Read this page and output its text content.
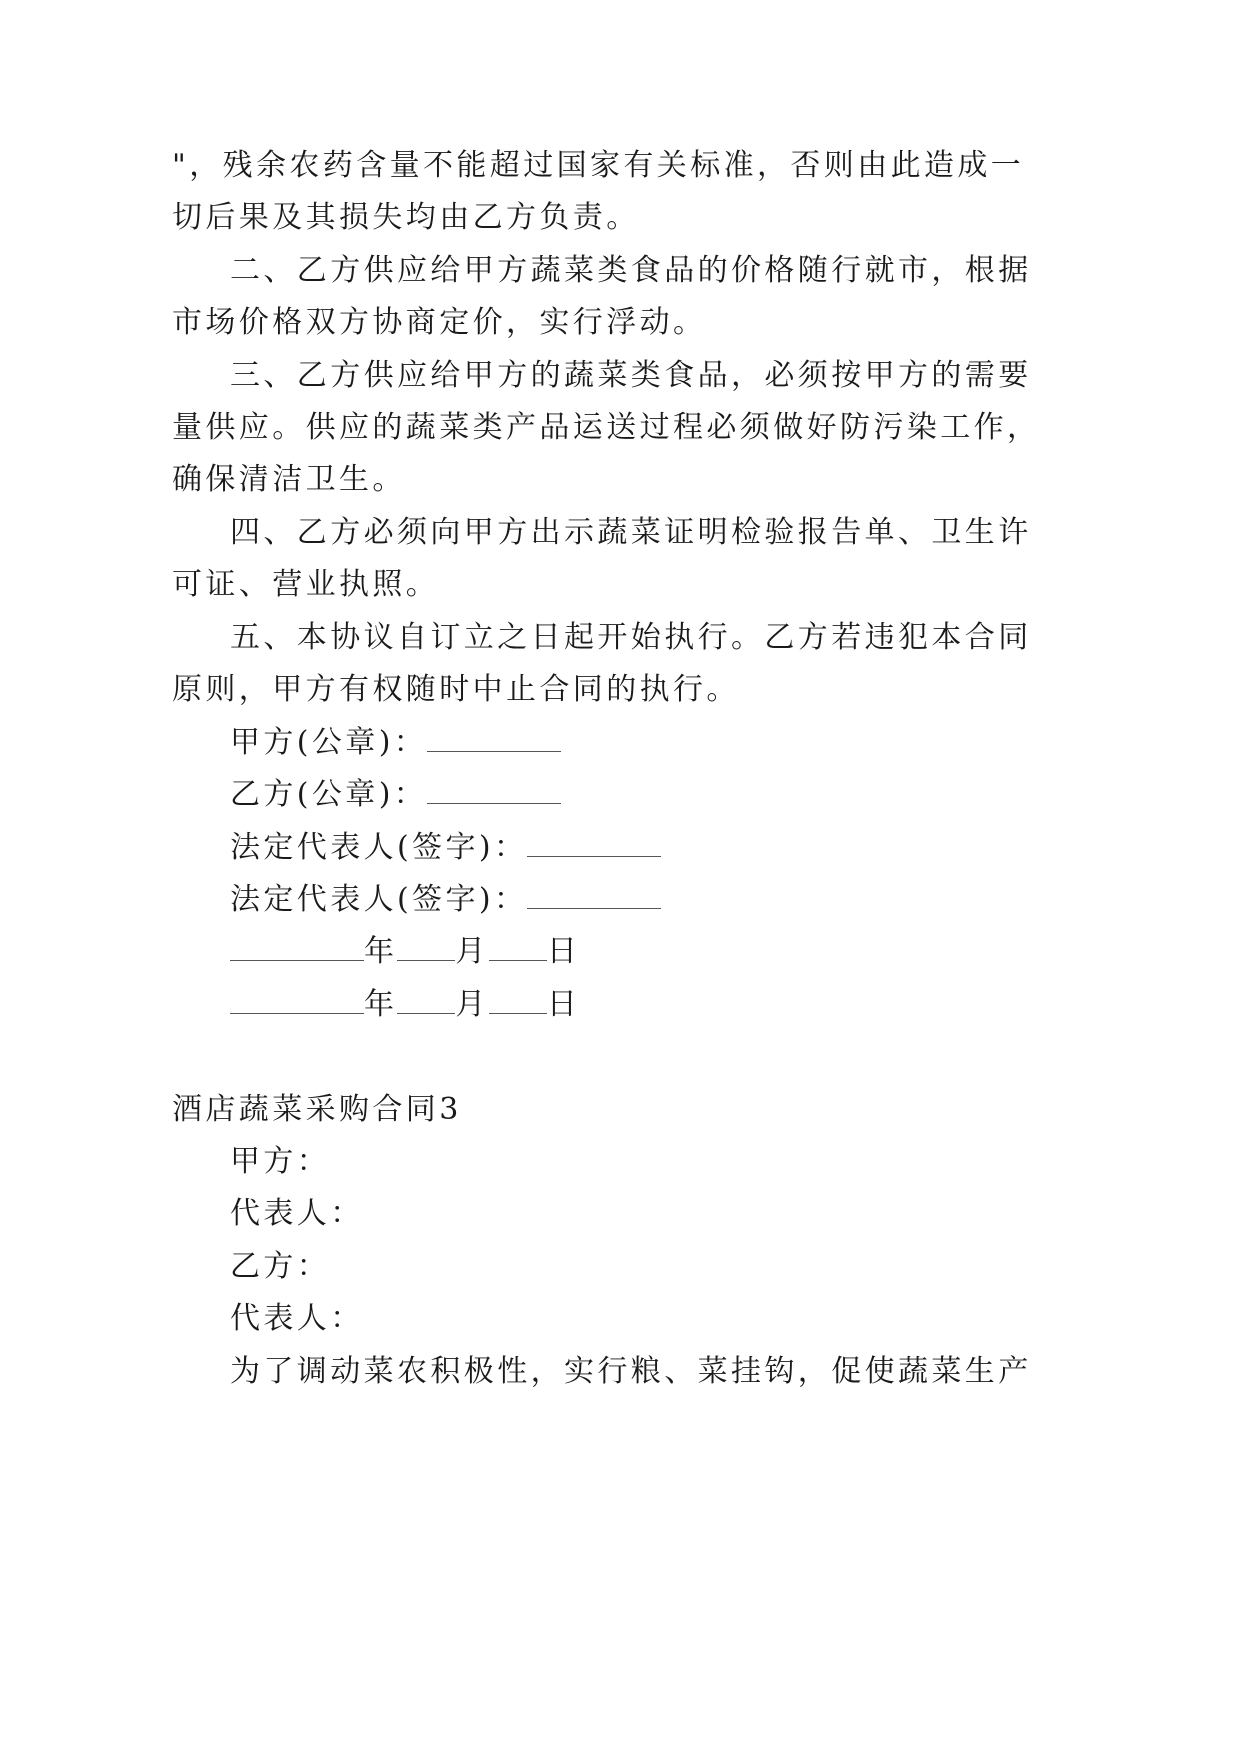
"，残余农药含量不能超过国家有关标准，否则由此造成一
切后果及其损失均由乙方负责。
二、乙方供应给甲方蔬菜类食品的价格随行就市，根据
市场价格双方协商定价，实行浮动。
三、乙方供应给甲方的蔬菜类食品，必须按甲方的需要
量供应。供应的蔬菜类产品运送过程必须做好防污染工作，
确保清洁卫生。
四、乙方必须向甲方出示蔬菜证明检验报告单、卫生许
可证、营业执照。
五、本协议自订立之日起开始执行。乙方若违犯本合同
原则，甲方有权随时中止合同的执行。
甲方(公章)：
乙方(公章)：
法定代表人(签字)：
法定代表人(签字)：
年 月 日
年 月 日
酒店蔬菜采购合同3
甲方：
代表人：
乙方：
代表人：
为了调动菜农积极性，实行粮、菜挂钩，促使蔬菜生产
